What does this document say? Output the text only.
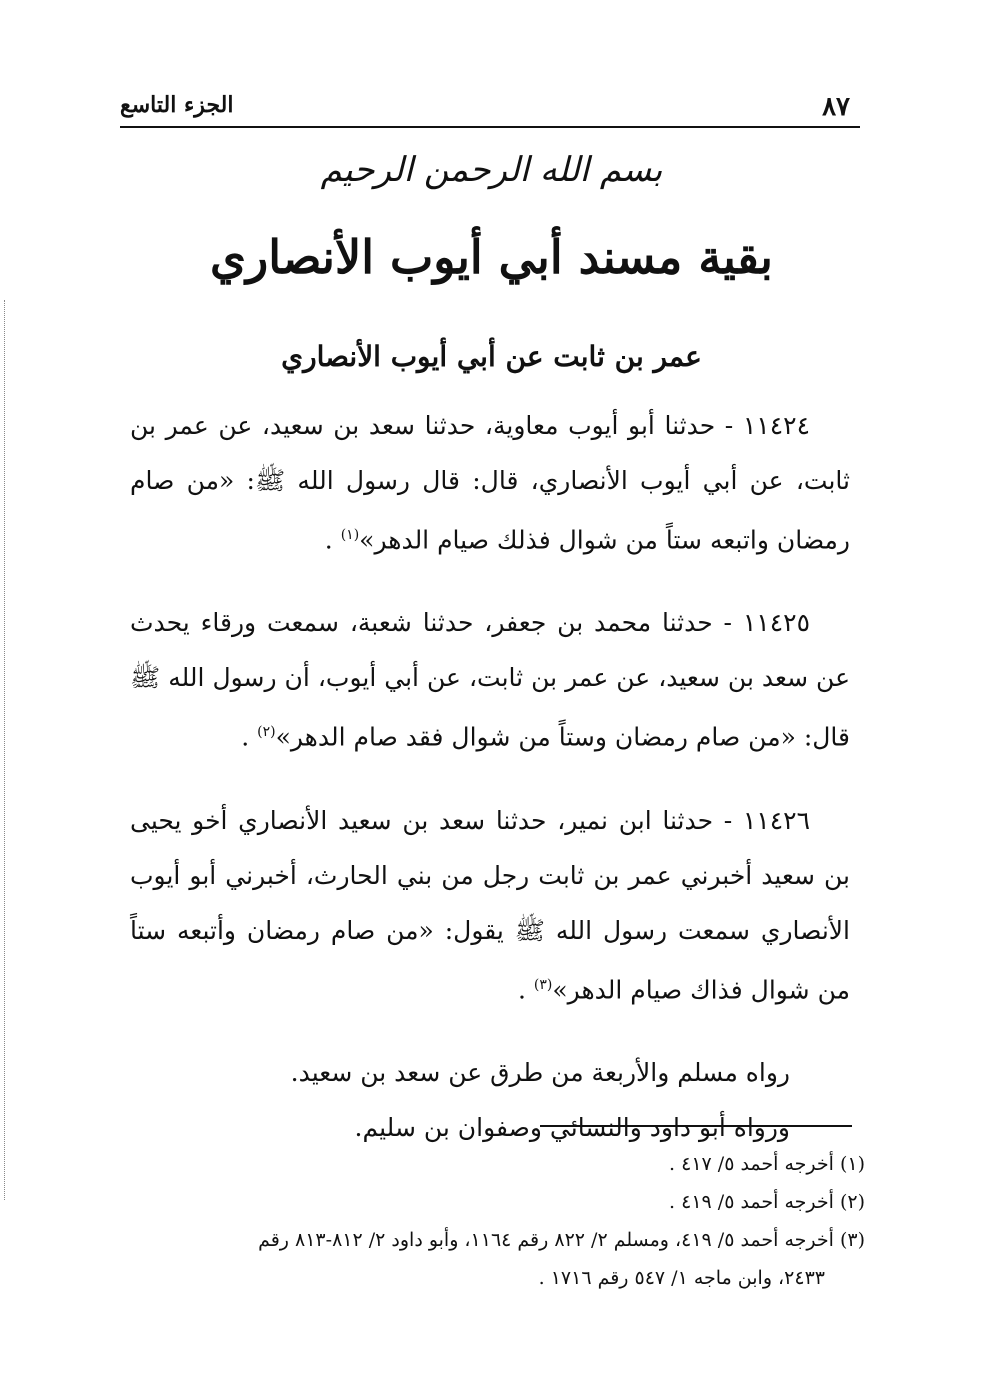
٨٧
الجزء التاسع
بسم الله الرحمن الرحيم
بقية مسند أبي أيوب الأنصاري
عمر بن ثابت عن أبي أيوب الأنصاري

١١٤٢٤ - حدثنا أبو أيوب معاوية، حدثنا سعد بن سعيد، عن عمر بن ثابت، عن أبي أيوب الأنصاري، قال: قال رسول الله ﷺ: «من صام رمضان واتبعه ستاً من شوال فذلك صيام الدهر»$^{(١)}$ .

١١٤٢٥ - حدثنا محمد بن جعفر، حدثنا شعبة، سمعت ورقاء يحدث عن سعد بن سعيد، عن عمر بن ثابت، عن أبي أيوب، أن رسول الله ﷺ قال: «من صام رمضان وستاً من شوال فقد صام الدهر»$^{(٢)}$ .

١١٤٢٦ - حدثنا ابن نمير، حدثنا سعد بن سعيد الأنصاري أخو يحيى بن سعيد أخبرني عمر بن ثابت رجل من بني الحارث، أخبرني أبو أيوب الأنصاري سمعت رسول الله ﷺ يقول: «من صام رمضان وأتبعه ستاً من شوال فذاك صيام الدهر»$^{(٣)}$ .

رواه مسلم والأربعة من طرق عن سعد بن سعيد.

ورواه أبو داود والنسائي وصفوان بن سليم.

(١) أخرجه أحمد ٥/ ٤١٧ .

(٢) أخرجه أحمد ٥/ ٤١٩ .

(٣) أخرجه أحمد ٥/ ٤١٩، ومسلم ٢/ ٨٢٢ رقم ١١٦٤، وأبو داود ٢/ ٨١٢-٨١٣ رقم

٢٤٣٣، وابن ماجه ١/ ٥٤٧ رقم ١٧١٦ .
